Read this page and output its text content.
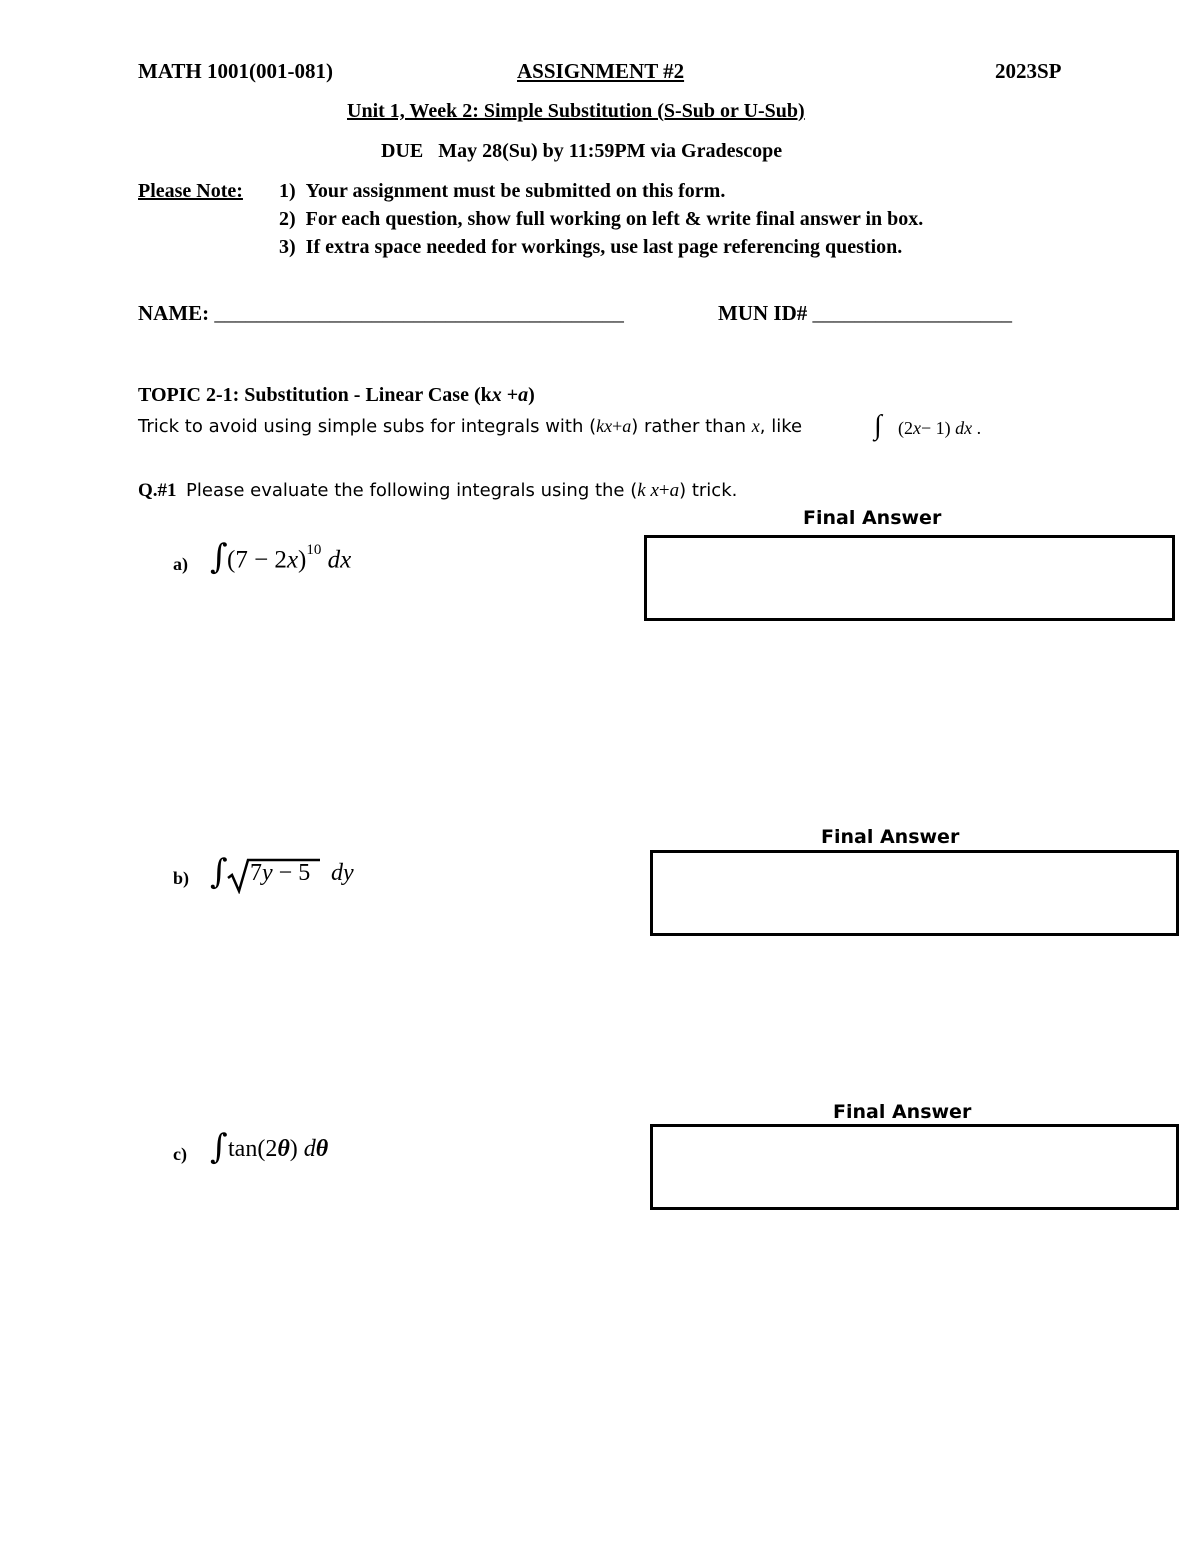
MATH 1001(001-081)	ASSIGNMENT #2	2023SP
Unit 1, Week 2: Simple Substitution (S-Sub or U-Sub)
DUE May 28(Su) by 11:59PM via Gradescope
Please Note: 1) Your assignment must be submitted on this form.
2) For each question, show full working on left & write final answer in box.
3) If extra space needed for workings, use last page referencing question.
NAME: _______________________________________	MUN ID# ___________________
TOPIC 2-1: Substitution - Linear Case (kx +a)
Trick to avoid using simple subs for integrals with (kx+a) rather than x, like	∫ (2x− 1) dx .
Q.#1 Please evaluate the following integrals using the (k x+a) trick.
Final Answer
a) ∫ $(7 - 2x)^{10}$ dx
Final Answer
b) ∫ 7y − 5 dy
Final Answer
c) ∫ tan(2θ) dθ
